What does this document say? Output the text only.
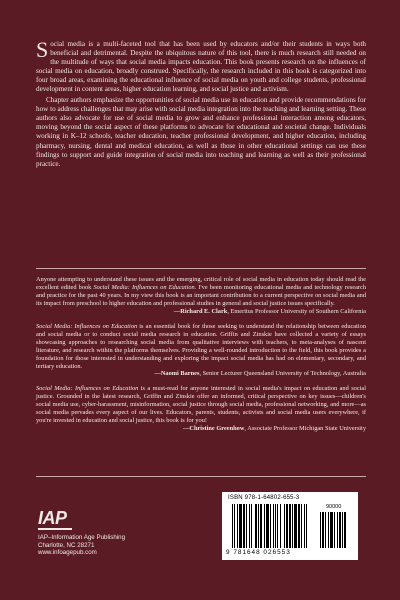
Social media is a multi-faceted tool that has been used by educators and/or their students in ways both beneficial and detrimental. Despite the ubiquitous nature of this tool, there is much research still needed on the multitude of ways that social media impacts education. This book presents research on the influences of social media on education, broadly construed. Specifically, the research included in this book is categorized into four broad areas, examining the educational influence of social media on youth and college students, professional development in content areas, higher education learning, and social justice and activism.

Chapter authors emphasize the opportunities of social media use in education and provide recommendations for how to address challenges that may arise with social media integration into the teaching and learning setting. These authors also advocate for use of social media to grow and enhance professional interaction among educators, moving beyond the social aspect of these platforms to advocate for educational and societal change. Individuals working in K–12 schools, teacher education, teacher professional development, and higher education, including pharmacy, nursing, dental and medical education, as well as those in other educational settings can use these findings to support and guide integration of social media into teaching and learning as well as their professional practice.

Anyone attempting to understand these issues and the emerging, critical role of social media in education today should read the excellent edited book Social Media: Influences on Education. I've been monitoring educational media and technology research and practice for the past 40 years. In my view this book is an important contribution to a current perspective on social media and its impact from preschool to higher education and professional studies in general and social justice issues specifically.
—Richard E. Clark, Emeritus Professor University of Southern California
Social Media: Influences on Education is an essential book for those seeking to understand the relationship between education and social media or to conduct social media research in education. Griffin and Zinskie have collected a variety of essays showcasing approaches to researching social media from qualitative interviews with teachers, to meta-analyses of nascent literature, and research within the platforms themselves. Providing a well-rounded introduction to the field, this book provides a foundation for those interested in understanding and exploring the impact social media has had on elementary, secondary, and tertiary education.
—Naomi Barnes, Senior Lecturer Queensland University of Technology, Australia
Social Media: Influences on Education is a must-read for anyone interested in social media's impact on education and social justice. Grounded in the latest research, Griffin and Zinskie offer an informed, critical perspective on key issues—children's social media use, cyber-harassment, misinformation, social justice through social media, professional networking, and more—as social media pervades every aspect of our lives. Educators, parents, students, activists and social media users everywhere, if you're invested in education and social justice, this book is for you!
—Christine Greenhow, Associate Professor Michigan State University
IAP
IAP–Information Age Publishing
Charlotte, NC 28271
www.infoagepub.com
ISBN 978-1-64802-655-3
90000
9 781648 026553
